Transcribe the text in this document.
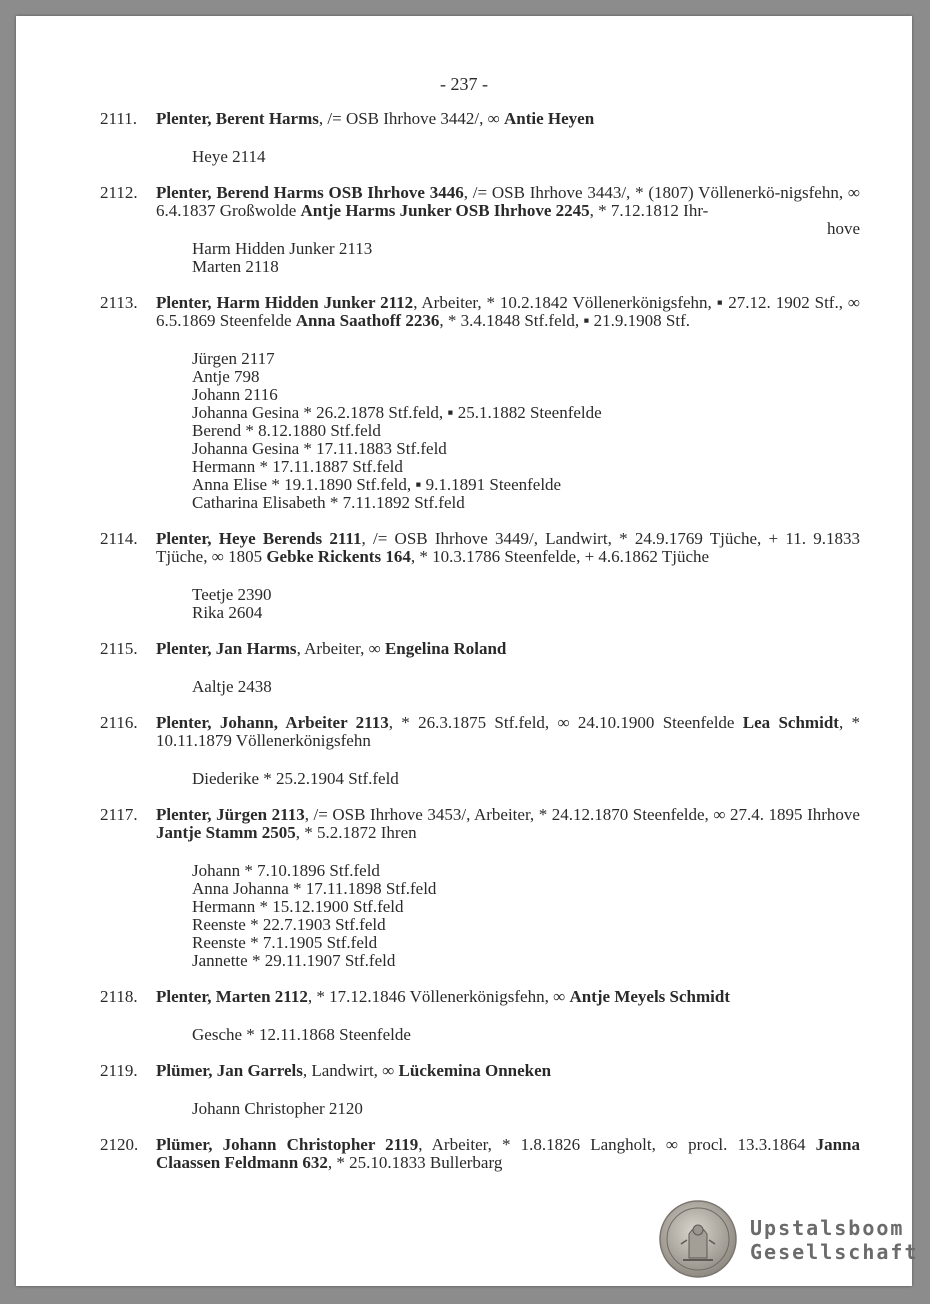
- 237 -
2111.	Plenter, Berent Harms, /= OSB Ihrhove 3442/, ∞ Antie Heyen
Heye 2114
2112.	Plenter, Berend Harms OSB Ihrhove 3446, /= OSB Ihrhove 3443/, * (1807) Völlenerkö-nigsfehn, ∞ 6.4.1837 Großwolde Antje Harms Junker OSB Ihrhove 2245, * 7.12.1812 Ihr-
hove
Harm Hidden Junker 2113
Marten 2118
2113.	Plenter, Harm Hidden Junker 2112, Arbeiter, * 10.2.1842 Völlenerkönigsfehn, ▪ 27.12. 1902 Stf., ∞ 6.5.1869 Steenfelde Anna Saathoff 2236, * 3.4.1848 Stf.feld, ▪ 21.9.1908 Stf.
Jürgen 2117
Antje 798
Johann 2116
Johanna Gesina * 26.2.1878 Stf.feld, ▪ 25.1.1882 Steenfelde
Berend * 8.12.1880 Stf.feld
Johanna Gesina * 17.11.1883 Stf.feld
Hermann * 17.11.1887 Stf.feld
Anna Elise * 19.1.1890 Stf.feld, ▪ 9.1.1891 Steenfelde
Catharina Elisabeth * 7.11.1892 Stf.feld
2114.	Plenter, Heye Berends 2111, /= OSB Ihrhove 3449/, Landwirt, * 24.9.1769 Tjüche, + 11. 9.1833 Tjüche, ∞ 1805 Gebke Rickents 164, * 10.3.1786 Steenfelde, + 4.6.1862 Tjüche
Teetje 2390
Rika 2604
2115.	Plenter, Jan Harms, Arbeiter, ∞ Engelina Roland
Aaltje 2438
2116.	Plenter, Johann, Arbeiter 2113, * 26.3.1875 Stf.feld, ∞ 24.10.1900 Steenfelde Lea Schmidt, * 10.11.1879 Völlenerkönigsfehn
Diederike * 25.2.1904 Stf.feld
2117.	Plenter, Jürgen 2113, /= OSB Ihrhove 3453/, Arbeiter, * 24.12.1870 Steenfelde, ∞ 27.4. 1895 Ihrhove Jantje Stamm 2505, * 5.2.1872 Ihren
Johann * 7.10.1896 Stf.feld
Anna Johanna * 17.11.1898 Stf.feld
Hermann * 15.12.1900 Stf.feld
Reenste * 22.7.1903 Stf.feld
Reenste * 7.1.1905 Stf.feld
Jannette * 29.11.1907 Stf.feld
2118.	Plenter, Marten 2112, * 17.12.1846 Völlenerkönigsfehn, ∞ Antje Meyels Schmidt
Gesche * 12.11.1868 Steenfelde
2119.	Plümer, Jan Garrels, Landwirt, ∞ Lückemina Onneken
Johann Christopher 2120
2120.	Plümer, Johann Christopher 2119, Arbeiter, * 1.8.1826 Langholt, ∞ procl. 13.3.1864 Janna Claassen Feldmann 632, * 25.10.1833 Bullerbarg
Upstalsboom
Gesellschaft
